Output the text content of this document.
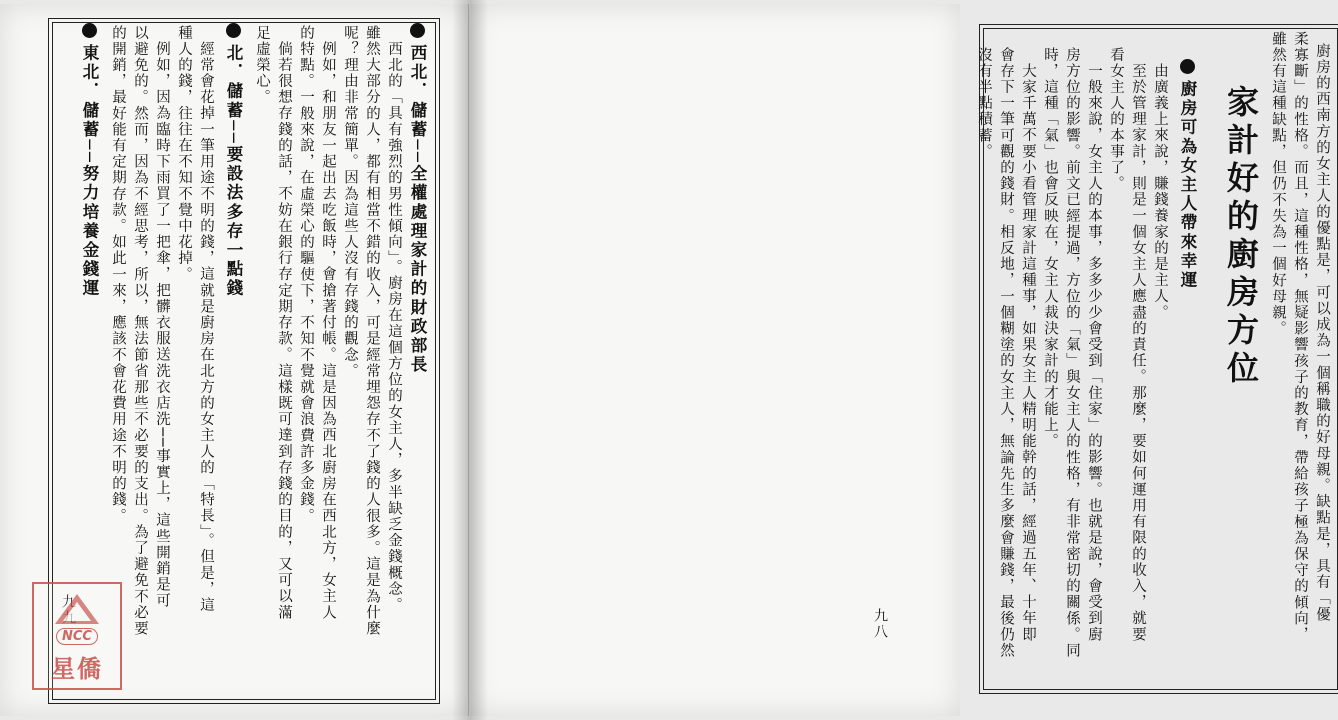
西北．儲蓄──全權處理家計的財政部長
西北的「具有強烈的男性傾向」。廚房在這個方位的女主人，多半缺乏金錢概念。
雖然大部分的人，都有相當不錯的收入，可是經常埋怨存不了錢的人很多。這是為什麼
呢？理由非常簡單。因為這些人沒有存錢的觀念。
例如，和朋友一起出去吃飯時，會搶著付帳。這是因為西北廚房在西北方，女主人
的特點。一般來說，在虛榮心的驅使下，不知不覺就會浪費許多金錢。
倘若很想存錢的話，不妨在銀行存定期存款。這樣既可達到存錢的目的，又可以滿
足虛榮心。
北．儲蓄──要設法多存一點錢
經常會花掉一筆用途不明的錢，這就是廚房在北方的女主人的「特長」。但是，這
種人的錢，往往在不知不覺中花掉。
例如，因為臨時下雨買了一把傘，把髒衣服送洗衣店洗──事實上，這些開銷是可
以避免的。然而，因為不經思考，所以，無法節省那些不必要的支出。為了避免不必要
的開銷，最好能有定期存款。如此一來，應該不會花費用途不明的錢。
東北．儲蓄──努力培養金錢運
九九	廚房的西南方的女主人的優點是，可以成為一個稱職的好母親。缺點是，具有「優
柔寡斷」的性格。而且，這種性格，無疑影響孩子的教育，帶給孩子極為保守的傾向，
雖然有這種缺點，但仍不失為一個好母親。
家計好的廚房方位
廚房可為女主人帶來幸運
由廣義上來說，賺錢養家的是主人。
至於管理家計，則是一個女主人應盡的責任。那麼，要如何運用有限的收入，就要
看女主人的本事了。
一般來說，女主人的本事，多多少少會受到「住家」的影響。也就是說，會受到廚
房方位的影響。前文已經提過，方位的「氣」與女主人的性格，有非常密切的關係。同
時，這種「氣」也會反映在，女主人裁決家計的才能上。
大家千萬不要小看管理家計這種事，如果女主人精明能幹的話，經過五年、十年即
會存下一筆可觀的錢財。相反地，一個糊塗的女主人，無論先生多麼會賺錢，最後仍然
沒有半點積蓄。
九八
NCC
星僑
